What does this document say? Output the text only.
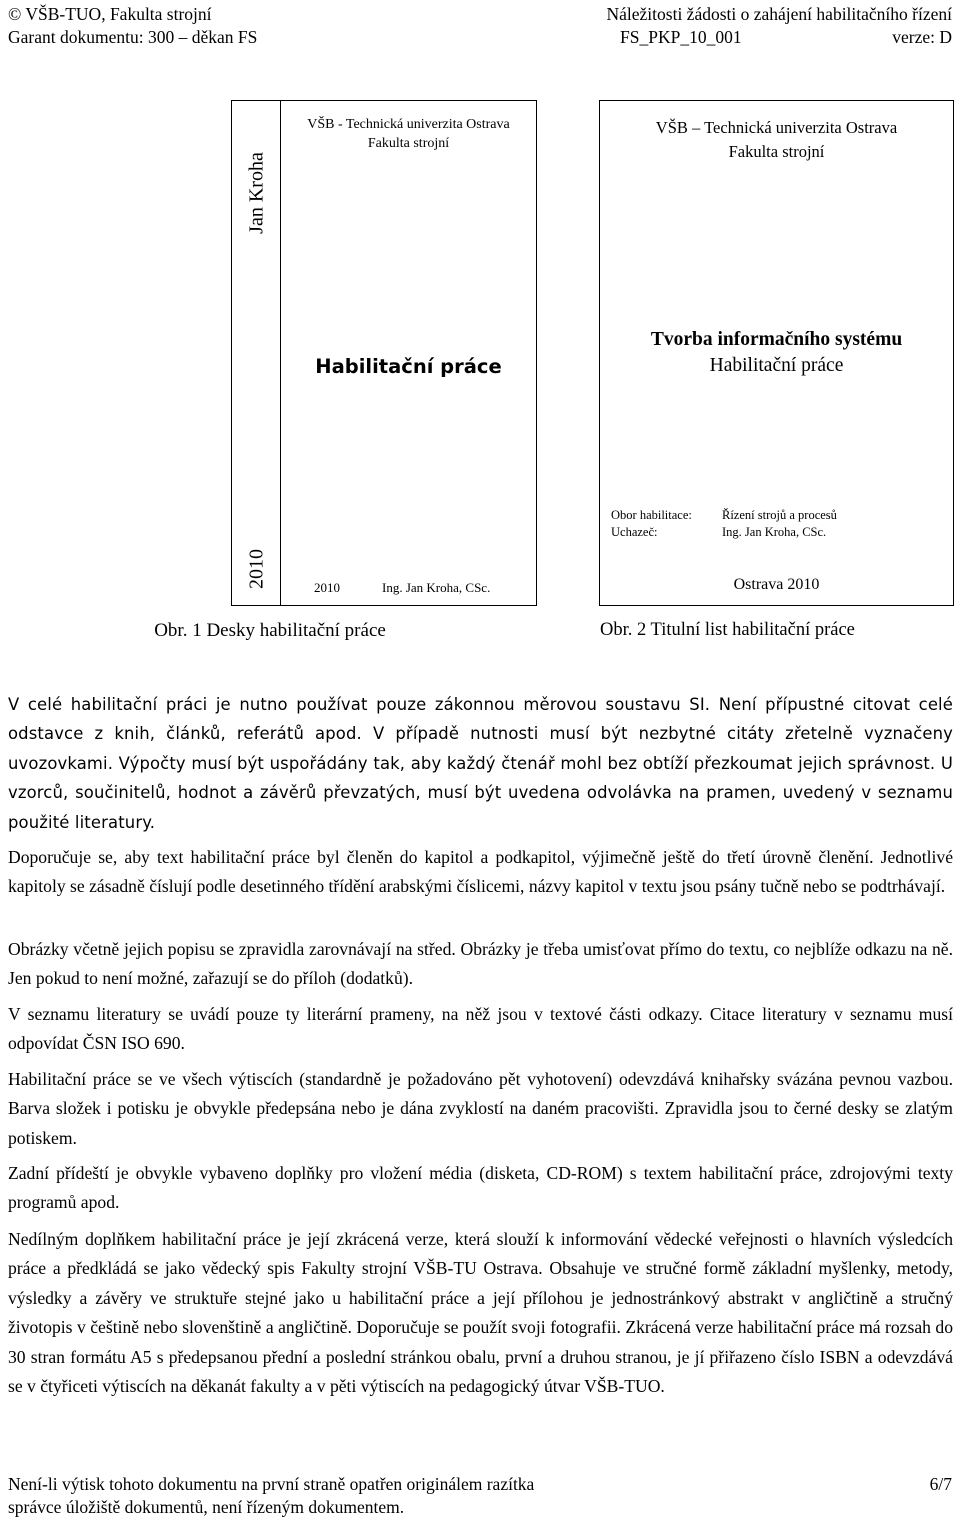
© VŠB-TUO, Fakulta strojní	Náležitosti žádosti o zahájení habilitačního řízení
Garant dokumentu: 300 – děkan FS	FS_PKP_10_001	verze: D
Jan Kroha
2010
VŠB - Technická univerzita Ostrava
Fakulta strojní
Habilitační práce
2010	Ing. Jan Kroha, CSc.
Obr. 1 Desky habilitační práce
VŠB – Technická univerzita Ostrava
Fakulta strojní
Tvorba informačního systému
Habilitační práce
Obor habilitace: Řízení strojů a procesů
Uchazeč:	Ing. Jan Kroha, CSc.
Ostrava 2010
Obr. 2 Titulní list habilitační práce

V celé habilitační práci je nutno používat pouze zákonnou měrovou soustavu SI. Není přípustné citovat celé odstavce z knih, článků, referátů apod. V případě nutnosti musí být nezbytné citáty zřetelně vyznačeny uvozovkami. Výpočty musí být uspořádány tak, aby každý čtenář mohl bez obtíží přezkoumat jejich správnost. U vzorců, součinitelů, hodnot a závěrů převzatých, musí být uvedena odvolávka na pramen, uvedený v seznamu použité literatury.

Doporučuje se, aby text habilitační práce byl členěn do kapitol a podkapitol, výjimečně ještě do třetí úrovně členění. Jednotlivé kapitoly se zásadně číslují podle desetinného třídění arabskými číslicemi, názvy kapitol v textu jsou psány tučně nebo se podtrhávají.

Obrázky včetně jejich popisu se zpravidla zarovnávají na střed. Obrázky je třeba umisťovat přímo do textu, co nejblíže odkazu na ně. Jen pokud to není možné, zařazují se do příloh (dodatků).

V seznamu literatury se uvádí pouze ty literární prameny, na něž jsou v textové části odkazy. Citace literatury v seznamu musí odpovídat ČSN ISO 690.

Habilitační práce se ve všech výtiscích (standardně je požadováno pět vyhotovení) odevzdává knihařsky svázána pevnou vazbou. Barva složek i potisku je obvykle předepsána nebo je dána zvyklostí na daném pracovišti. Zpravidla jsou to černé desky se zlatým potiskem.

Zadní přídeští je obvykle vybaveno doplňky pro vložení média (disketa, CD-ROM) s textem habilitační práce, zdrojovými texty programů apod.

Nedílným doplňkem habilitační práce je její zkrácená verze, která slouží k informování vědecké veřejnosti o hlavních výsledcích práce a předkládá se jako vědecký spis Fakulty strojní VŠB-TU Ostrava. Obsahuje ve stručné formě základní myšlenky, metody, výsledky a závěry ve struktuře stejné jako u habilitační práce a její přílohou je jednostránkový abstrakt v angličtině a stručný životopis v češtině nebo slovenštině a angličtině. Doporučuje se použít svoji fotografii. Zkrácená verze habilitační práce má rozsah do 30 stran formátu A5 s předepsanou přední a poslední stránkou obalu, první a druhou stranou, je jí přiřazeno číslo ISBN a odevzdává se v čtyřiceti výtiscích na děkanát fakulty a v pěti výtiscích na pedagogický útvar VŠB-TUO.

Není-li výtisk tohoto dokumentu na první straně opatřen originálem razítka
správce úložiště dokumentů, není řízeným dokumentem.
6/7
